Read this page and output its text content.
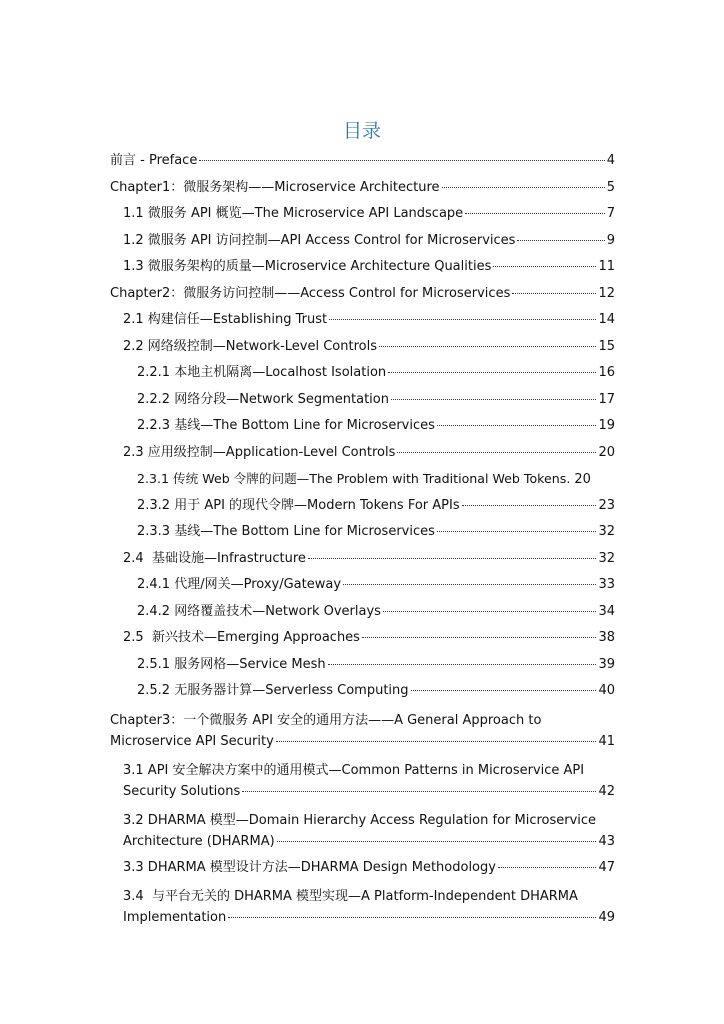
目录
前言 - Preface	4
Chapter1：微服务架构——Microservice Architecture	5
1.1 微服务 API 概览—The Microservice API Landscape	7
1.2 微服务 API 访问控制—API Access Control for Microservices	9
1.3 微服务架构的质量—Microservice Architecture Qualities	11
Chapter2：微服务访问控制——Access Control for Microservices	12
2.1 构建信任—Establishing Trust	14
2.2 网络级控制—Network-Level Controls	15
2.2.1 本地主机隔离—Localhost Isolation	16
2.2.2 网络分段—Network Segmentation	17
2.2.3 基线—The Bottom Line for Microservices	19
2.3 应用级控制—Application-Level Controls	20
2.3.1 传统 Web 令牌的问题—The Problem with Traditional Web Tokens. 20
2.3.2 用于 API 的现代令牌—Modern Tokens For APIs	23
2.3.3 基线—The Bottom Line for Microservices	32
2.4  基础设施—Infrastructure	32
2.4.1 代理/网关—Proxy/Gateway	33
2.4.2 网络覆盖技术—Network Overlays	34
2.5  新兴技术—Emerging Approaches	38
2.5.1 服务网格—Service Mesh	39
2.5.2 无服务器计算—Serverless Computing	40
Chapter3：一个微服务 API 安全的通用方法——A General Approach to
Microservice API Security	41
3.1 API 安全解决方案中的通用模式—Common Patterns in Microservice API
Security Solutions	42
3.2 DHARMA 模型—Domain Hierarchy Access Regulation for Microservice
Architecture (DHARMA)	43
3.3 DHARMA 模型设计方法—DHARMA Design Methodology	47
3.4  与平台无关的 DHARMA 模型实现—A Platform-Independent DHARMA
Implementation	49
